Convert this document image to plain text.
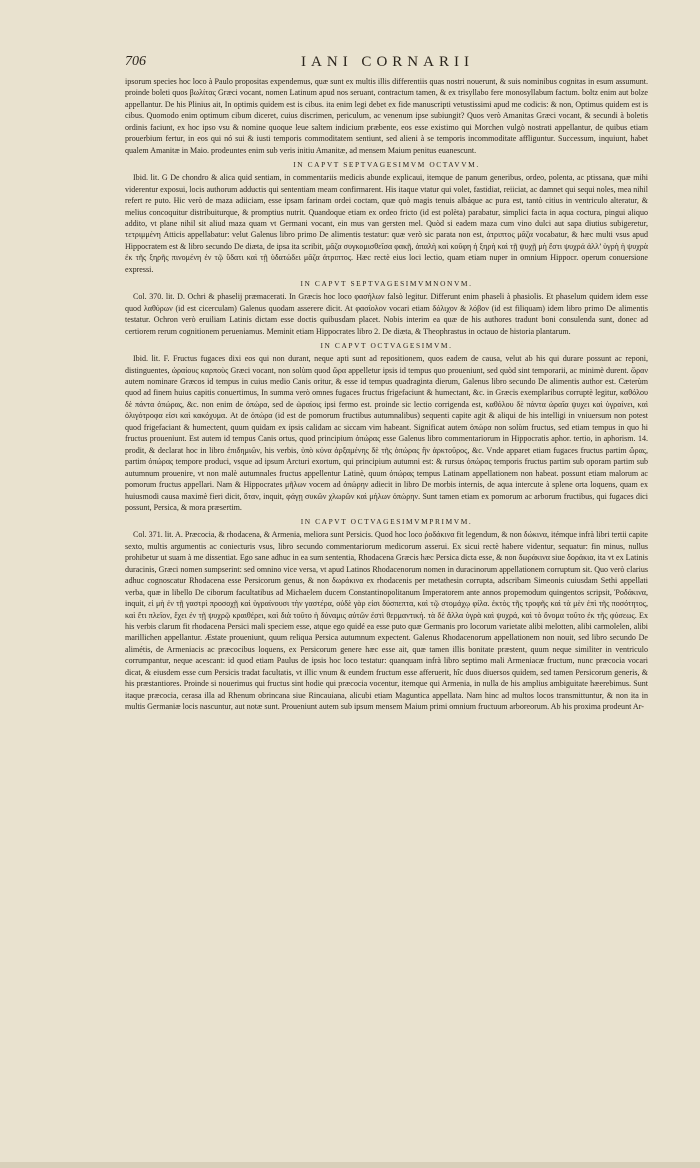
706	IANI CORNARII

ipsorum species hoc loco à Paulo propositas expendemus, quæ sunt ex multis illis differentiis quas nostri nouerunt, & suis nominibus cognitas in esum assumunt. proinde boleti quos βωλίτας Græci vocant, nomen Latinum apud nos seruant, contractum tamen, & ex trisyllabo fere monosyllabum factum. boltz enim aut bolze appellantur. De his Plinius ait, In optimis quidem est is cibus. ita enim legi debet ex fide manuscripti vetustissimi apud me codicis: & non, Optimus quidem est is cibus. Quomodo enim optimum cibum diceret, cuius discrimen, periculum, ac venenum ipse subiungit? Quos verò Amanitas Græci vocant, & secundi à boletis ordinis faciunt, ex hoc ipso vsu & nomine quoque leue saltem indicium præbente, eos esse existimo qui Morchen vulgò nostrati appellantur, de quibus etiam prouerbium fertur, in eos qui nó sui & iusti temporis commoditatem sentiunt, sed alieni à se temporis incommoditate affliguntur. Successum, inquiunt, habet qualem Amanitæ in Maio. prodeuntes enim sub veris initiu Amanitæ, ad mensem Maium penitus euanescunt.

IN CAPVT SEPTVAGESIMVM OCTAVVM.

Ibid. lit. G De chondro & alica quid sentiam, in commentariis medicis abunde explicaui, itemque de panum generibus, ordeo, polenta, ac ptissana, quæ mihi viderentur exposui, locis authorum adductis qui sententiam meam confirmarent. His itaque vtatur qui volet, fastidiat, reiiciat, ac damnet qui sequi noles, mea nihil refert re puto. Hic verò de maza adiiciam, esse ipsam farinam ordei coctam, quæ quò magis tenuis albáque ac pura est, tantò citius in ventriculo alteratur, & melius concoquitur distribuiturque, & promptius nutrit. Quandoque etiam ex ordeo fricto (id est polèta) parabatur, simplici facta in aqua coctura, pingui aliquo addito, vt plane nihil sit aliud maza quam vt Germani vocant, ein mus van gersten mel. Quòd si eadem maza cum vino dulci aut sapa diutius subigeretur, τετριμμένη Atticis appellabatur: velut Galenus libro primo De alimentis testatur: quæ verò sic parata non est, ἀτριπτος μᾶζα vocabatur, & hæc multi vsus apud Hippocratem est & libro secundo De diæta, de ipsa ita scribit, μᾶζα συγκομισθεῖσα φακῇ, ἁπαλὴ καὶ κοῦφη ἡ ξηρὴ καὶ τῇ ψυχῇ μὴ ἔστι ψυχρά ἀλλ’ ὑγρὴ ἡ ψυχρὰ ἐκ τῆς ξηρῆς πινομένη ἐν τῷ ὕδατι καὶ τῇ ὑδατώδει μᾶζα ἀτριπτος. Hæc rectè eius loci lectio, quam etiam nuper in omnium Hippocr. operum conuersione expressi.

IN CAPVT SEPTVAGESIMVMNONVM.

Col. 370. lit. D. Ochri & phaselij præmacerati. In Græcis hoc loco φασήλων falsò legitur. Differunt enim phaseli à phasiolis. Et phaselum quidem idem esse quod λαθύρων (id est cicerculam) Galenus quodam asserere dicit. At φασίολον vocari etiam δόλιχον & λόβον (id est filiquam) idem libro primo De alimentis testatur. Ochron verò eruiliam Latinis dictam esse doctis quibusdam placet. Nobis interim ea quæ de his authores tradunt boni consulenda sunt, donec ad certiorem rerum cognitionem perueniamus. Meminit etiam Hippocrates libro 2. De diæta, & Theophrastus in octauo de historia plantarum.

IN CAPVT OCTVAGESIMVM.

Ibid. lit. F. Fructus fugaces dixi eos qui non durant, neque apti sunt ad repositionem, quos eadem de causa, velut ab his qui durare possunt ac reponi, distinguentes, ὡραίους καρποὺς Græci vocant, non solùm quod ὥρα appelletur ipsis id tempus quo proueniunt, sed quòd sint temporarii, ac minimè durent. ὥραν autem nominare Græcos id tempus in cuius medio Canis oritur, & esse id tempus quadraginta dierum, Galenus libro secundo De alimentis author est. Cæterùm quod ad finem huius capitis conuertimus, In summa verò omnes fugaces fructus frigefaciunt & humectant, &c. in Græcis exemplaribus corruptè legitur, καθόλου δὲ πάντα ὀπώρας, &c. non enim de ὀπώρα, sed de ὡραίοις ipsi fermo est. proinde sic lectio corrigenda est, καθόλου δὲ πάντα ὡραῖα ψυχει καὶ ὑγραίνει, καὶ ὀλιγότροφα εἰσι καὶ κακόχυμα. At de ὀπώρα (id est de pomorum fructibus autumnalibus) sequenti capite agit & aliqui de his intelligi in vniuersum non potest quod frigefaciant & humectent, quum quidam ex ipsis calidam ac siccam vim habeant. Significat autem ὀπώρα non solùm fructus, sed etiam tempus in quo hi fructus proueniunt. Est autem id tempus Canis ortus, quod principium ὀπώρας esse Galenus libro commentariorum in Hippocratis aphor. tertio, in aphorism. 14. prodit, & declarat hoc in libro ἐπιδημιῶν, his verbis, ὑπὸ κύνα ἀρξαμένης δὲ τῆς ὀπώρας ἣν ἀρκτοῦρος, &c. Vnde apparet etiam fugaces fructus partim ὥρας, partim ὀπώρας tempore produci, vsque ad ipsum Arcturi exortum, qui principium autumni est: & rursus ὀπώρας temporis fructus partim sub oporam partim sub autumnum prouenire, vt non malè autumnales fructus appellentur Latinè, quum ὀπώρας tempus Latinam appellationem non habeat. possunt etiam malorum ac pomorum fructus appellari. Nam & Hippocrates μῆλων vocem ad ὀπώρην adiecit in libro De morbis internis, de aqua intercute à splene orta loquens, quam ex huiusmodi causa maximè fieri dicit, ὅταν, inquit, φάγῃ συκῶν χλωρῶν καὶ μήλων ὀπώρην. Sunt tamen etiam ex pomorum ac arborum fructibus, qui fugaces dici possunt, Persica, & mora præsertim.

IN CAPVT OCTVAGESIMVMPRIMVM.

Col. 371. lit. A. Præcocia, & rhodacena, & Armenia, meliora sunt Persicis. Quod hoc loco ῥοδάκινα fit legendum, & non δώκινα, itémque infrà libri tertii capite sexto, multis argumentis ac coniecturis vsus, libro secundo commentariorum medicorum asserui. Ex sicui rectè habere videntur, sequatur: fin minus, nullus prohibetur ut suam à me dissentiat. Ego sane adhuc in ea sum sententia, Rhodacena Græcis hæc Persica dicta esse, & non δωράκινα siue δοράκια, ita vt ex Latinis duracinis, Græci nomen sumpserint: sed omnino vice versa, vt apud Latinos Rhodacenorum nomen in duracinorum appellationem corruptum sit. Quo verò clarius adhuc cognoscatur Rhodacena esse Persicorum genus, & non δωράκινα ex rhodacenis per metathesin corrupta, adscribam Simeonis cuiusdam Sethi appellati verba, quæ in libello De ciborum facultatibus ad Michaelem ducem Constantinopolitanum Imperatorem ante annos propemodum quingentos scripsit, Ῥοδάκινα, inquit, εἰ μὴ ἐν τῇ γαστρὶ προσοχῇ καὶ ὑγραίνουσι τὴν γαστέρα, οὐδὲ γὰρ εἰσι δύσπεπτα, καὶ τῷ στομάχῳ φίλα. ἐκτὸς τῆς τροφῆς καὶ τὰ μὲν ἐπὶ τῆς ποσότητος, καὶ ἔτι πλεῖον, ἔχει ἐν τῇ ψυχρῷ κραιθέρει, καὶ διὰ τοῦτο ἡ δύναμις αὐτῶν ἐστὶ θερμαντική. τὰ δὲ ἄλλα ὑγρὰ καὶ ψυχρά, καὶ τὸ ὄνομα τοῦτο ἐκ τῆς φύσεως. Ex his verbis clarum fit rhodacena Persici mali speciem esse, atque ego quidé ea esse puto quæ Germanis pro locorum varietate alibi melotten, alibi carmolelen, alibi marillichen appellantur. Æstate proueniunt, quum reliqua Persica autumnum expectent. Galenus Rhodacenorum appellationem non nouit, sed libro secundo De alimétis, de Armeniacis ac præcocibus loquens, ex Persicorum genere hæc esse ait, quæ tamen illis bonitate præstent, quum neque similiter in ventriculo corrumpantur, neque acescant: id quod etiam Paulus de ipsis hoc loco testatur: quanquam infrà libro septimo mali Armeniacæ fructum, nunc præcocia vocari dicat, & eiusdem esse cum Persicis tradat facultatis, vt illic vnum & eundem fructum esse afferuerit, hîc duos diuersos quidem, sed tamen Persicorum generis, & his præstantiores. Proinde si nouerimus qui fructus sint hodie qui præcocia vocentur, itemque qui Armenia, in nulla de his amplius ambiguitate hæerebimus. Sunt itaque præcocia, cerasa illa ad Rhenum obrincana siue Rincauiana, alicubi etiam Maguntica appellata. Nam hinc ad multos locos transmittuntur, & non ita in multis Germaniæ locis nascuntur, aut notæ sunt. Proueniunt autem sub ipsum mensem Maium primi omnium fructuum arboreorum. Ab his proxima prodeunt Ar-
